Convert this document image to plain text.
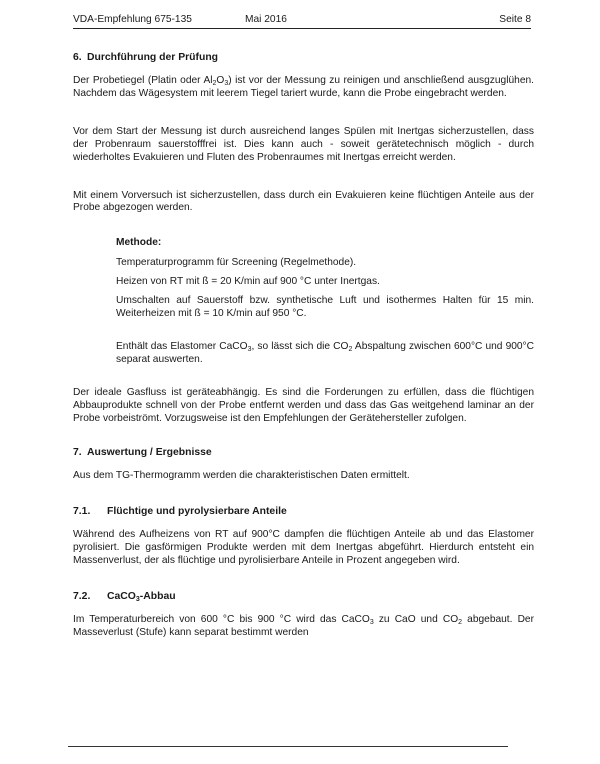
VDA-Empfehlung 675-135	Mai 2016	Seite 8
6. Durchführung der Prüfung

Der Probetiegel (Platin oder $Al_2O_3$) ist vor der Messung zu reinigen und anschließend ausgzuglühen. Nachdem das Wägesystem mit leerem Tiegel tariert wurde, kann die Probe eingebracht werden.

Vor dem Start der Messung ist durch ausreichend langes Spülen mit Inertgas sicherzustellen, dass der Probenraum sauerstofffrei ist. Dies kann auch - soweit gerätetechnisch möglich - durch wiederholtes Evakuieren und Fluten des Probenraumes mit Inertgas erreicht werden.

Mit einem Vorversuch ist sicherzustellen, dass durch ein Evakuieren keine flüchtigen Anteile aus der Probe abgezogen werden.

Methode:

Temperaturprogramm für Screening (Regelmethode).

Heizen von RT mit ß = 20 K/min auf 900 °C unter Inertgas.

Umschalten auf Sauerstoff bzw. synthetische Luft und isothermes Halten für 15 min. Weiterheizen mit ß = 10 K/min auf 950 °C.

Enthält das Elastomer CaCO$_3$, so lässt sich die $CO_2$ Abspaltung zwischen 600°C und 900°C separat auswerten.

Der ideale Gasfluss ist geräteabhängig. Es sind die Forderungen zu erfüllen, dass die flüchtigen Abbauprodukte schnell von der Probe entfernt werden und dass das Gas weitgehend laminar an der Probe vorbeiströmt. Vorzugsweise ist den Empfehlungen der Gerätehersteller zufolgen.

7. Auswertung / Ergebnisse

Aus dem TG-Thermogramm werden die charakteristischen Daten ermittelt.

7.1. Flüchtige und pyrolysierbare Anteile

Während des Aufheizens von RT auf 900°C dampfen die flüchtigen Anteile ab und das Elastomer pyrolisiert. Die gasförmigen Produkte werden mit dem Inertgas abgeführt. Hierdurch entsteht ein Massenverlust, der als flüchtige und pyrolisierbare Anteile in Prozent angegeben wird.

7.2. CaCO$_3$-Abbau

Im Temperaturbereich von 600 °C bis 900 °C wird das CaCO$_3$ zu CaO und $CO_2$ abgebaut. Der Masseverlust (Stufe) kann separat bestimmt werden
